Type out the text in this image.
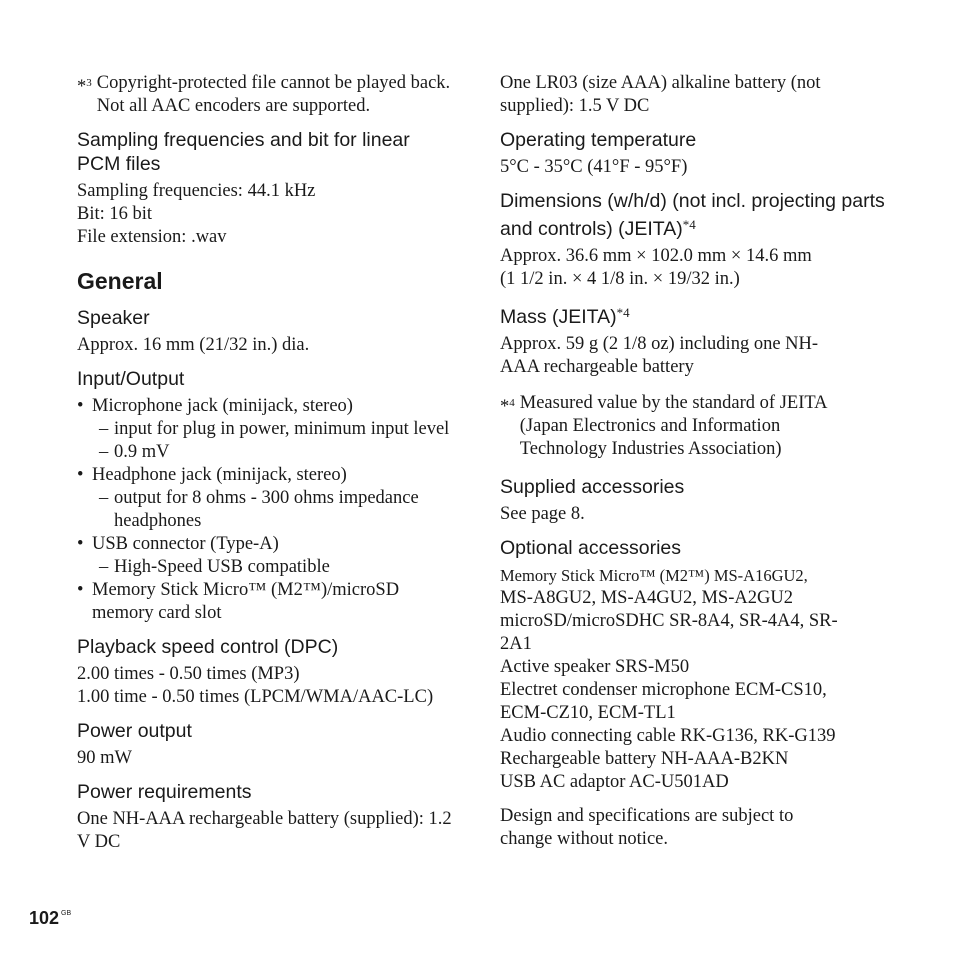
*$^3$ Copyright-protected file cannot be played back. Not all AAC encoders are supported.
Sampling frequencies and bit for linear PCM files

Sampling frequencies: 44.1 kHz

Bit: 16 bit

File extension: .wav

General
Speaker

Approx. 16 mm (21/32 in.) dia.

Input/Output
• Microphone jack (minijack, stereo)
– input for plug in power, minimum input level
– 0.9 mV
• Headphone jack (minijack, stereo)
– output for 8 ohms - 300 ohms impedance headphones
• USB connector (Type-A)
– High-Speed USB compatible
• Memory Stick Micro™ (M2™)/microSD memory card slot
Playback speed control (DPC)

2.00 times - 0.50 times (MP3)

1.00 time - 0.50 times (LPCM/WMA/AAC-LC)

Power output

90 mW

Power requirements

One NH-AAA rechargeable battery (supplied): 1.2 V DC

One LR03 (size AAA) alkaline battery (not supplied): 1.5 V DC

Operating temperature

5°C - 35°C (41°F - 95°F)

Dimensions (w/h/d) (not incl. projecting parts and controls) (JEITA)$^{*4}$

Approx. 36.6 mm × 102.0 mm × 14.6 mm

(1 1/2 in. × 4 1/8 in. × 19/32 in.)

Mass (JEITA)$^{*4}$

Approx. 59 g (2 1/8 oz) including one NH-AAA rechargeable battery

*$^4$ Measured value by the standard of JEITA (Japan Electronics and Information Technology Industries Association)
Supplied accessories

See page 8.

Optional accessories

Memory Stick Micro™ (M2™) MS-A16GU2,

MS-A8GU2, MS-A4GU2, MS-A2GU2

microSD/microSDHC SR-8A4, SR-4A4, SR-2A1

Active speaker SRS-M50

Electret condenser microphone ECM-CS10, ECM-CZ10, ECM-TL1

Audio connecting cable RK-G136, RK-G139

Rechargeable battery NH-AAA-B2KN

USB AC adaptor AC-U501AD

Design and specifications are subject to change without notice.

102 $^{GB}$
